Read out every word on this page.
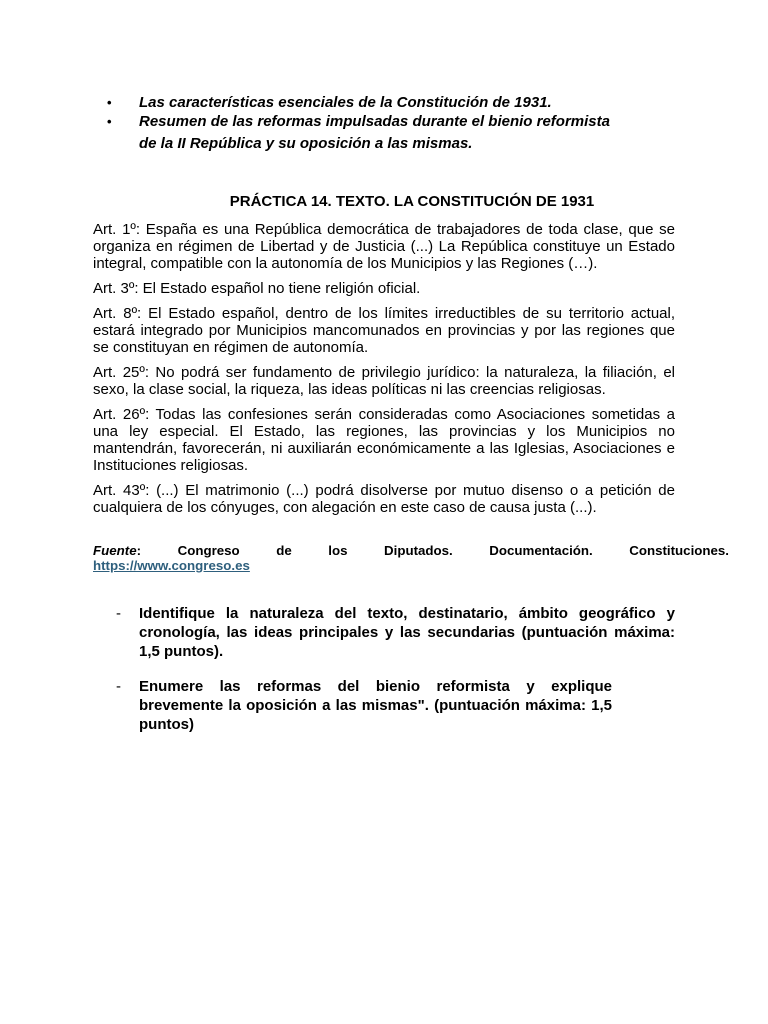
•	Las características esenciales de la Constitución de 1931.
•	Resumen de las reformas impulsadas durante el bienio reformista
de la II República y su oposición a las mismas.
PRÁCTICA 14. TEXTO. LA CONSTITUCIÓN DE 1931

Art. 1º: España es una República democrática de trabajadores de toda clase, que se organiza en régimen de Libertad y de Justicia (...) La República constituye un Estado integral, compatible con la autonomía de los Municipios y las Regiones (…).

Art. 3º: El Estado español no tiene religión oficial.

Art. 8º: El Estado español, dentro de los límites irreductibles de su territorio actual, estará integrado por Municipios mancomunados en provincias y por las regiones que se constituyan en régimen de autonomía.

Art. 25º: No podrá ser fundamento de privilegio jurídico: la naturaleza, la filiación, el sexo, la clase social, la riqueza, las ideas políticas ni las creencias religiosas.

Art. 26º: Todas las confesiones serán consideradas como Asociaciones sometidas a una ley especial. El Estado, las regiones, las provincias y los Municipios no mantendrán, favorecerán, ni auxiliarán económicamente a las Iglesias, Asociaciones e Instituciones religiosas.

Art. 43º: (...) El matrimonio (...) podrá disolverse por mutuo disenso o a petición de cualquiera de los cónyuges, con alegación en este caso de causa justa (...).

Fuente:	Congreso de los Diputados. Documentación. Constituciones.
https://www.congreso.es
-	Identifique la naturaleza del texto, destinatario, ámbito geográfico y cronología, las ideas principales y las secundarias (puntuación máxima: 1,5 puntos).
-	Enumere las reformas del bienio reformista y explique brevemente la oposición a las mismas". (puntuación máxima: 1,5 puntos)
